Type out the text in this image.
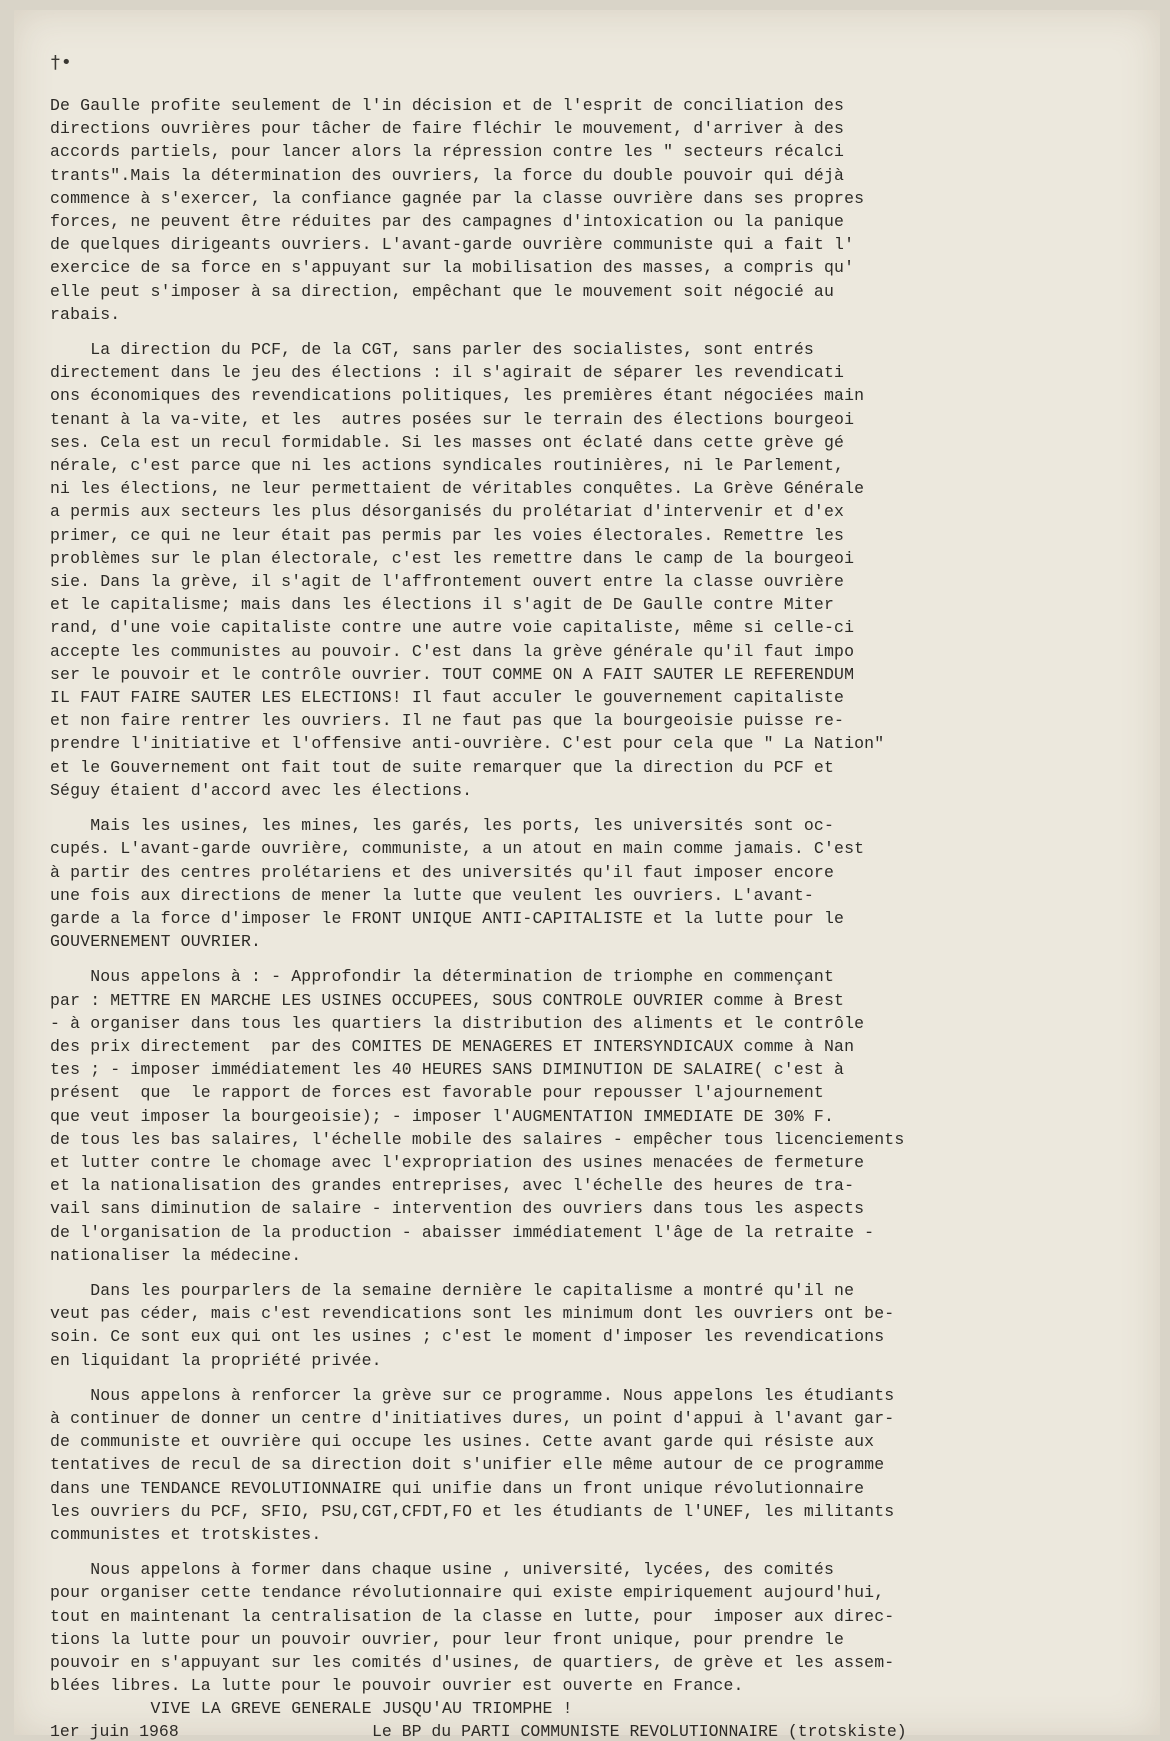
†•
De Gaulle profite seulement de l'in décision et de l'esprit de conciliation des
directions ouvrières pour tâcher de faire fléchir le mouvement, d'arriver à des
accords partiels, pour lancer alors la répression contre les " secteurs récalci
trants".Mais la détermination des ouvriers, la force du double pouvoir qui déjà
commence à s'exercer, la confiance gagnée par la classe ouvrière dans ses propres
forces, ne peuvent être réduites par des campagnes d'intoxication ou la panique
de quelques dirigeants ouvriers. L'avant-garde ouvrière communiste qui a fait l'
exercice de sa force en s'appuyant sur la mobilisation des masses, a compris qu'
elle peut s'imposer à sa direction, empêchant que le mouvement soit négocié au
rabais.
La direction du PCF, de la CGT, sans parler des socialistes, sont entrés
directement dans le jeu des élections : il s'agirait de séparer les revendicati
ons économiques des revendications politiques, les premières étant négociées main
tenant à la va-vite, et les  autres posées sur le terrain des élections bourgeoi
ses. Cela est un recul formidable. Si les masses ont éclaté dans cette grève gé
nérale, c'est parce que ni les actions syndicales routinières, ni le Parlement,
ni les élections, ne leur permettaient de véritables conquêtes. La Grève Générale
a permis aux secteurs les plus désorganisés du prolétariat d'intervenir et d'ex
primer, ce qui ne leur était pas permis par les voies électorales. Remettre les
problèmes sur le plan électorale, c'est les remettre dans le camp de la bourgeoi
sie. Dans la grève, il s'agit de l'affrontement ouvert entre la classe ouvrière
et le capitalisme; mais dans les élections il s'agit de De Gaulle contre Miter
rand, d'une voie capitaliste contre une autre voie capitaliste, même si celle-ci
accepte les communistes au pouvoir. C'est dans la grève générale qu'il faut impo
ser le pouvoir et le contrôle ouvrier. TOUT COMME ON A FAIT SAUTER LE REFERENDUM
IL FAUT FAIRE SAUTER LES ELECTIONS! Il faut acculer le gouvernement capitaliste
et non faire rentrer les ouvriers. Il ne faut pas que la bourgeoisie puisse re-
prendre l'initiative et l'offensive anti-ouvrière. C'est pour cela que " La Nation"
et le Gouvernement ont fait tout de suite remarquer que la direction du PCF et
Séguy étaient d'accord avec les élections.
Mais les usines, les mines, les garés, les ports, les universités sont oc-
cupés. L'avant-garde ouvrière, communiste, a un atout en main comme jamais. C'est
à partir des centres prolétariens et des universités qu'il faut imposer encore
une fois aux directions de mener la lutte que veulent les ouvriers. L'avant-
garde a la force d'imposer le FRONT UNIQUE ANTI-CAPITALISTE et la lutte pour le
GOUVERNEMENT OUVRIER.
Nous appelons à : - Approfondir la détermination de triomphe en commençant
par : METTRE EN MARCHE LES USINES OCCUPEES, SOUS CONTROLE OUVRIER comme à Brest
- à organiser dans tous les quartiers la distribution des aliments et le contrôle
des prix directement  par des COMITES DE MENAGERES ET INTERSYNDICAUX comme à Nan
tes ; - imposer immédiatement les 40 HEURES SANS DIMINUTION DE SALAIRE( c'est à
présent  que  le rapport de forces est favorable pour repousser l'ajournement
que veut imposer la bourgeoisie); - imposer l'AUGMENTATION IMMEDIATE DE 30% F.
de tous les bas salaires, l'échelle mobile des salaires - empêcher tous licenciements
et lutter contre le chomage avec l'expropriation des usines menacées de fermeture
et la nationalisation des grandes entreprises, avec l'échelle des heures de tra-
vail sans diminution de salaire - intervention des ouvriers dans tous les aspects
de l'organisation de la production - abaisser immédiatement l'âge de la retraite -
nationaliser la médecine.
Dans les pourparlers de la semaine dernière le capitalisme a montré qu'il ne
veut pas céder, mais c'est revendications sont les minimum dont les ouvriers ont be-
soin. Ce sont eux qui ont les usines ; c'est le moment d'imposer les revendications
en liquidant la propriété privée.
Nous appelons à renforcer la grève sur ce programme. Nous appelons les étudiants
à continuer de donner un centre d'initiatives dures, un point d'appui à l'avant gar-
de communiste et ouvrière qui occupe les usines. Cette avant garde qui résiste aux
tentatives de recul de sa direction doit s'unifier elle même autour de ce programme
dans une TENDANCE REVOLUTIONNAIRE qui unifie dans un front unique révolutionnaire
les ouvriers du PCF, SFIO, PSU,CGT,CFDT,FO et les étudiants de l'UNEF, les militants
communistes et trotskistes.
Nous appelons à former dans chaque usine , université, lycées, des comités
pour organiser cette tendance révolutionnaire qui existe empiriquement aujourd'hui,
tout en maintenant la centralisation de la classe en lutte, pour  imposer aux direc-
tions la lutte pour un pouvoir ouvrier, pour leur front unique, pour prendre le
pouvoir en s'appuyant sur les comités d'usines, de quartiers, de grève et les assem-
blées libres. La lutte pour le pouvoir ouvrier est ouverte en France.
VIVE LA GREVE GENERALE JUSQU'AU TRIOMPHE !
1er juin 1968	Le BP du PARTI COMMUNISTE REVOLUTIONNAIRE (trotskiste)
